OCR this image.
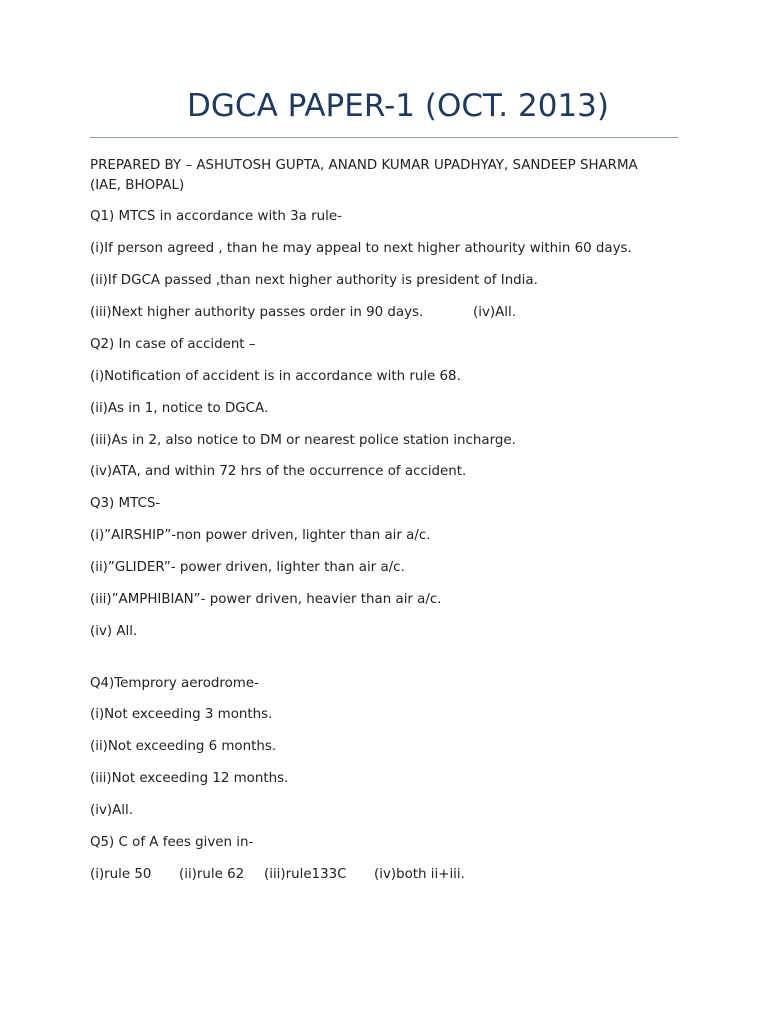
DGCA PAPER-1 (OCT. 2013)
PREPARED BY – ASHUTOSH GUPTA, ANAND KUMAR UPADHYAY, SANDEEP SHARMA
(IAE, BHOPAL)
Q1) MTCS in accordance with 3a rule-
(i)If person agreed , than he may appeal to next higher athourity within 60 days.
(ii)If DGCA passed ,than next higher authority is president of India.
(iii)Next higher authority passes order in 90 days.	(iv)All.
Q2) In case of accident –
(i)Notification of accident is in accordance with rule 68.
(ii)As in 1, notice to DGCA.
(iii)As in 2, also notice to DM or nearest police station incharge.
(iv)ATA, and within 72 hrs of the occurrence of accident.
Q3) MTCS-
(i)”AIRSHIP”-non power driven, lighter than air a/c.
(ii)”GLIDER”- power driven, lighter than air a/c.
(iii)”AMPHIBIAN”- power driven, heavier than air a/c.
(iv) All.
Q4)Temprory aerodrome-
(i)Not exceeding 3 months.
(ii)Not exceeding 6 months.
(iii)Not exceeding 12 months.
(iv)All.
Q5) C of A fees given in-
(i)rule 50 (ii)rule 62 (iii)rule133C (iv)both ii+iii.
